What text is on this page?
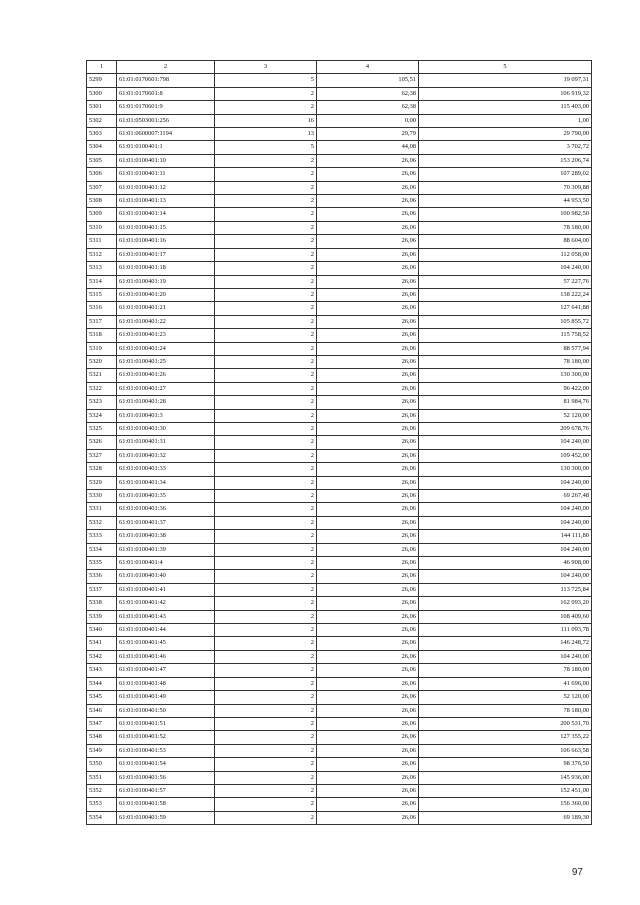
1	2	3	4	5
5299	61:01:0170601:798	5	105,51	19 097,31
5300	61:01:0170601:8	2	62,38	106 919,32
5301	61:01:0170601:9	2	62,38	115 403,00
5302	61:01:0503001:256	16	0,00	1,00
5303	61:01:0600007:1194	13	29,79	29 790,00
5304	61:01:0100401:1	5	44,08	3 702,72
5305	61:01:0100401:10	2	26,06	153 206,74
5306	61:01:0100401:11	2	26,06	107 289,02
5307	61:01:0100401:12	2	26,06	70 309,88
5308	61:01:0100401:13	2	26,06	44 953,50
5309	61:01:0100401:14	2	26,06	100 982,50
5310	61:01:0100401:15	2	26,06	78 180,00
5311	61:01:0100401:16	2	26,06	88 604,00
5312	61:01:0100401:17	2	26,06	112 058,00
5313	61:01:0100401:18	2	26,06	104 240,00
5314	61:01:0100401:19	2	26,06	57 227,76
5315	61:01:0100401:20	2	26,06	138 222,24
5316	61:01:0100401:21	2	26,06	127 641,88
5317	61:01:0100401:22	2	26,06	105 855,72
5318	61:01:0100401:23	2	26,06	115 758,52
5319	61:01:0100401:24	2	26,06	88 577,94
5320	61:01:0100401:25	2	26,06	78 180,00
5321	61:01:0100401:26	2	26,06	130 300,00
5322	61:01:0100401:27	2	26,06	96 422,00
5323	61:01:0100401:28	2	26,06	81 984,76
5324	61:01:0100401:3	2	26,06	52 120,00
5325	61:01:0100401:30	2	26,06	209 678,76
5326	61:01:0100401:31	2	26,06	104 240,00
5327	61:01:0100401:32	2	26,06	109 452,00
5328	61:01:0100401:33	2	26,06	130 300,00
5329	61:01:0100401:34	2	26,06	104 240,00
5330	61:01:0100401:35	2	26,06	69 267,48
5331	61:01:0100401:36	2	26,06	104 240,00
5332	61:01:0100401:37	2	26,06	104 240,00
5333	61:01:0100401:38	2	26,06	144 111,80
5334	61:01:0100401:39	2	26,06	104 240,00
5335	61:01:0100401:4	2	26,06	46 908,00
5336	61:01:0100401:40	2	26,06	104 240,00
5337	61:01:0100401:41	2	26,06	113 725,84
5338	61:01:0100401:42	2	26,06	162 093,20
5339	61:01:0100401:43	2	26,06	108 409,60
5340	61:01:0100401:44	2	26,06	111 093,78
5341	61:01:0100401:45	2	26,06	146 248,72
5342	61:01:0100401:46	2	26,06	104 240,00
5343	61:01:0100401:47	2	26,06	78 180,00
5344	61:01:0100401:48	2	26,06	41 696,00
5345	61:01:0100401:49	2	26,06	52 120,00
5346	61:01:0100401:50	2	26,06	78 180,00
5347	61:01:0100401:51	2	26,06	200 531,70
5348	61:01:0100401:52	2	26,06	127 355,22
5349	61:01:0100401:53	2	26,06	106 663,58
5350	61:01:0100401:54	2	26,06	98 376,50
5351	61:01:0100401:56	2	26,06	145 936,00
5352	61:01:0100401:57	2	26,06	152 451,00
5353	61:01:0100401:58	2	26,06	156 360,00
5354	61:01:0100401:59	2	26,06	69 189,30
97
